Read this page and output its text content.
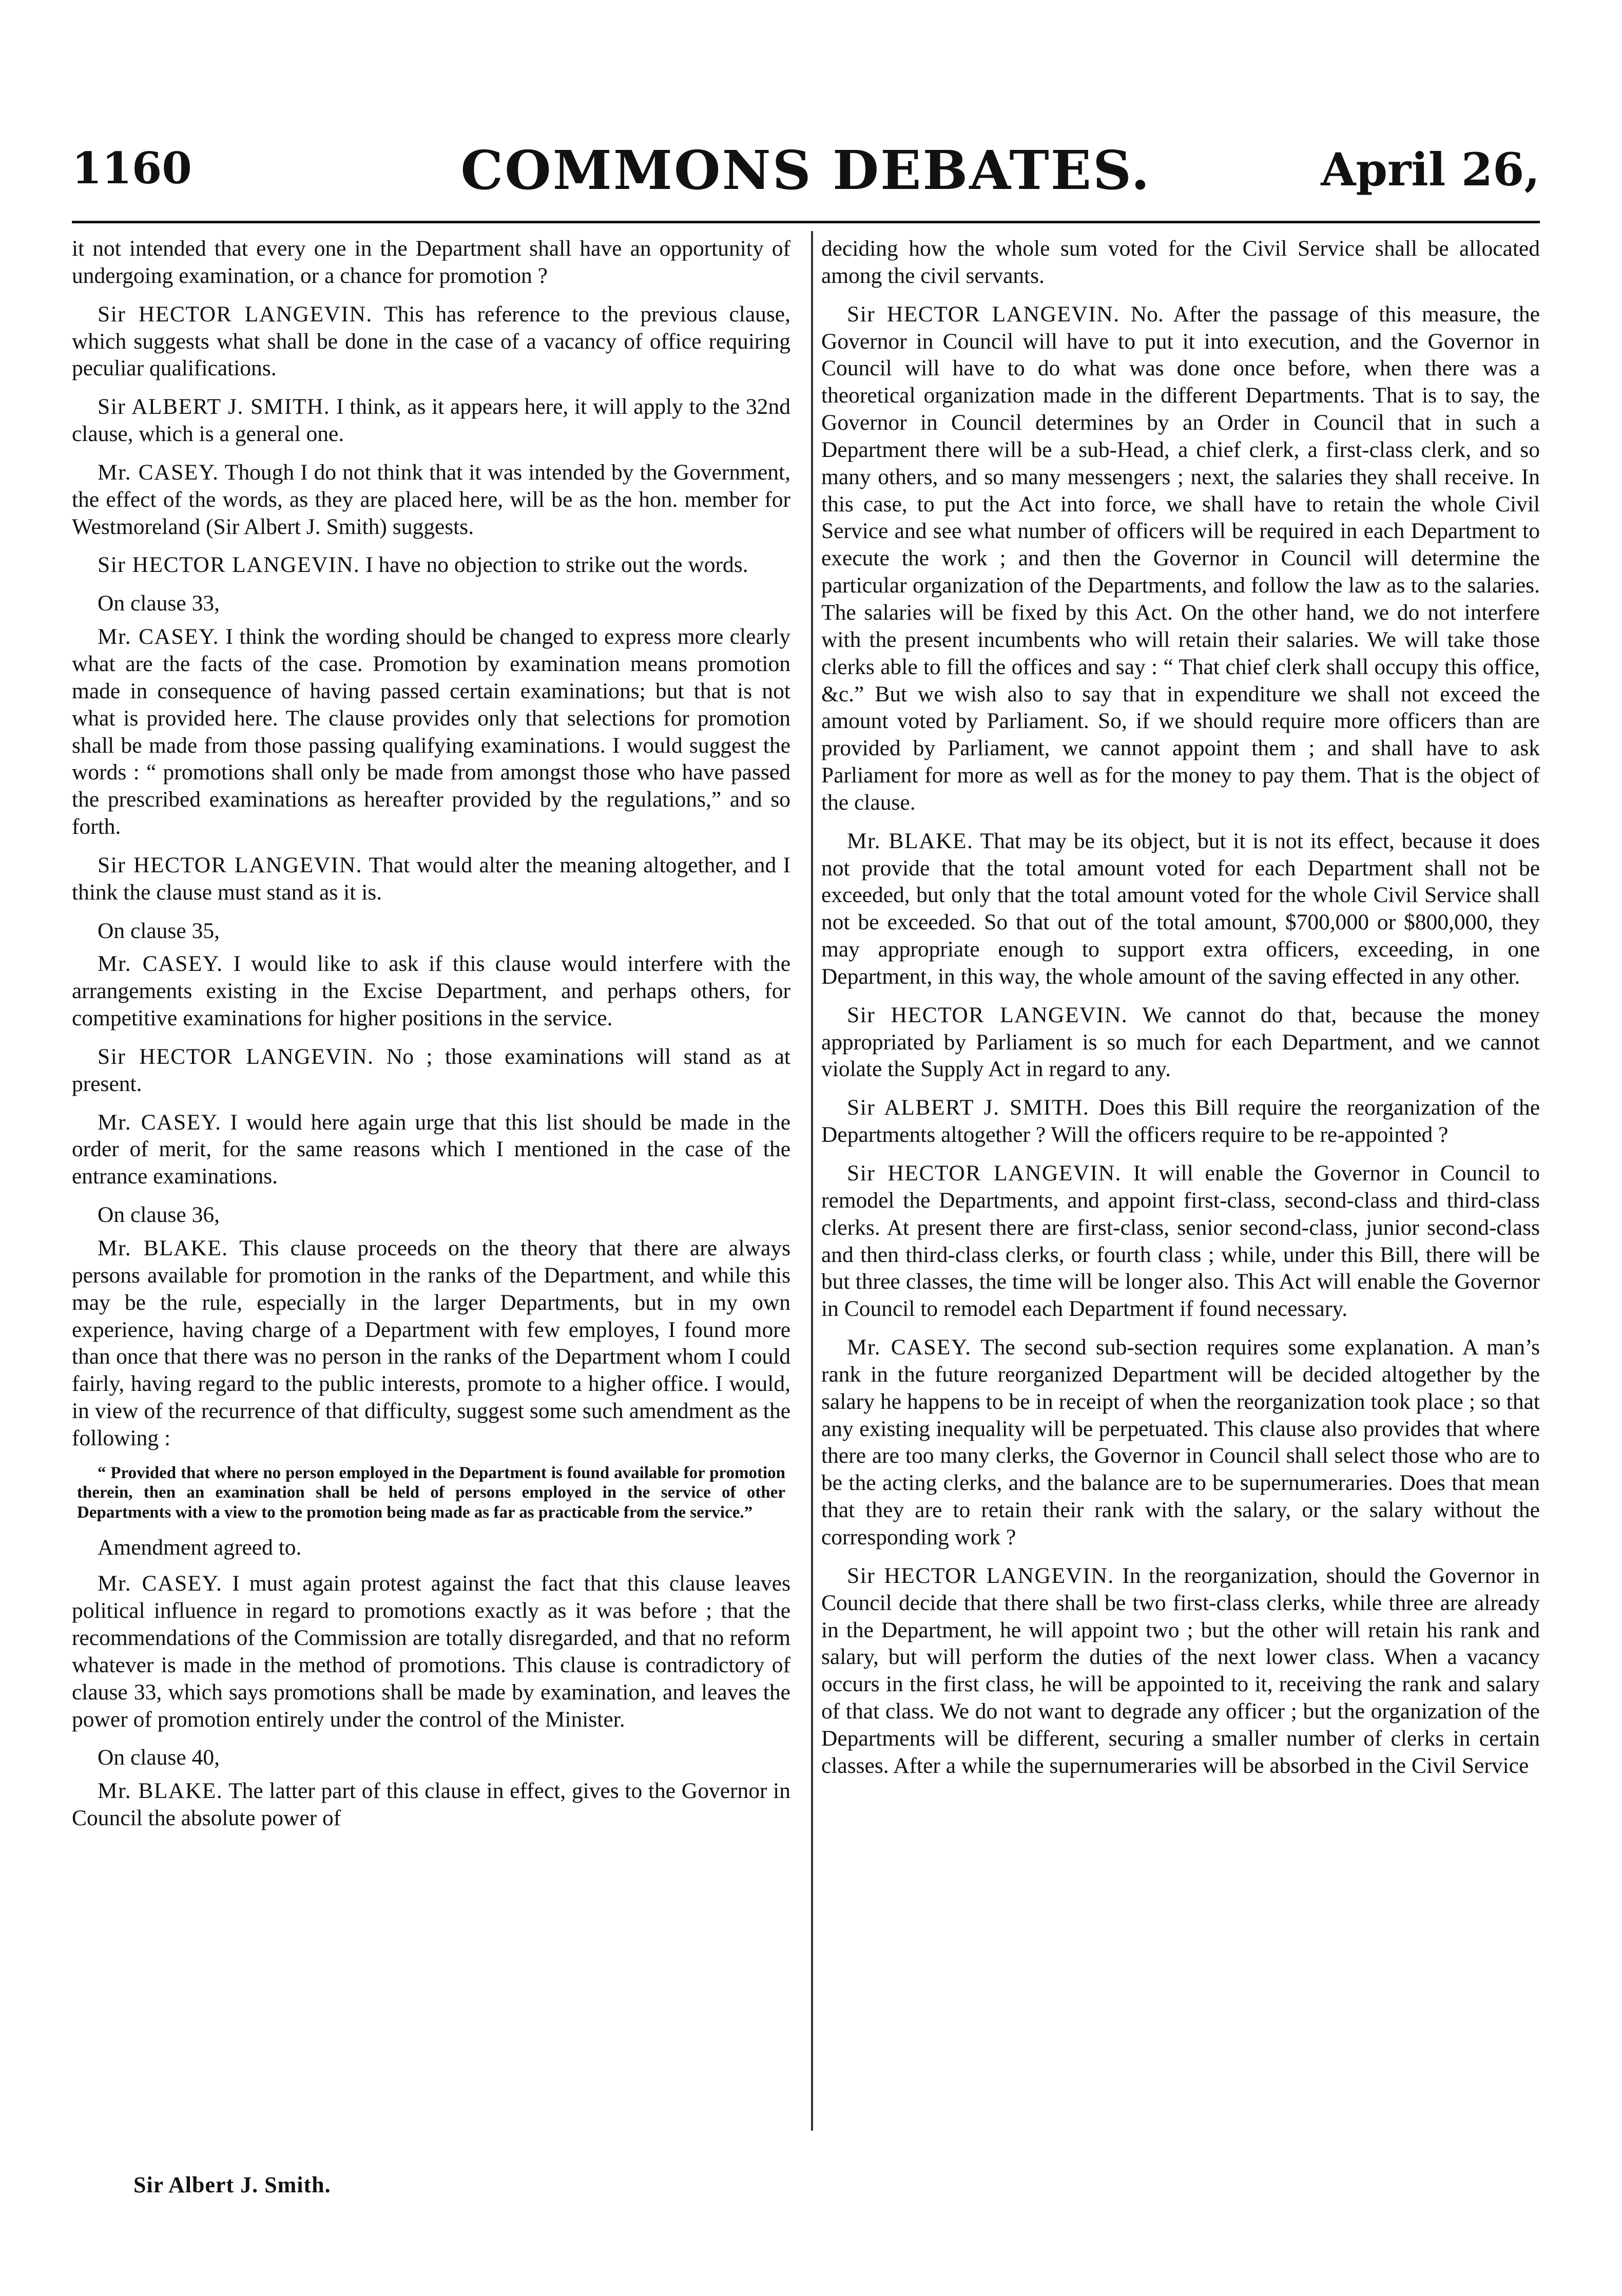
1160	COMMONS DEBATES.	April 26,

it not intended that every one in the Department shall have an opportunity of undergoing examination, or a chance for promotion ?

Sir HECTOR LANGEVIN. This has reference to the previous clause, which suggests what shall be done in the case of a vacancy of office requiring peculiar qualifications.

Sir ALBERT J. SMITH. I think, as it appears here, it will apply to the 32nd clause, which is a general one.

Mr. CASEY. Though I do not think that it was intended by the Government, the effect of the words, as they are placed here, will be as the hon. member for Westmoreland (Sir Albert J. Smith) suggests.

Sir HECTOR LANGEVIN. I have no objection to strike out the words.

On clause 33,

Mr. CASEY. I think the wording should be changed to express more clearly what are the facts of the case. Promotion by examination means promotion made in consequence of having passed certain examinations; but that is not what is provided here. The clause provides only that selections for promotion shall be made from those passing qualifying examinations. I would suggest the words : “ promotions shall only be made from amongst those who have passed the prescribed examinations as hereafter provided by the regulations,” and so forth.

Sir HECTOR LANGEVIN. That would alter the meaning altogether, and I think the clause must stand as it is.

On clause 35,

Mr. CASEY. I would like to ask if this clause would interfere with the arrangements existing in the Excise Department, and perhaps others, for competitive examinations for higher positions in the service.

Sir HECTOR LANGEVIN. No ; those examinations will stand as at present.

Mr. CASEY. I would here again urge that this list should be made in the order of merit, for the same reasons which I mentioned in the case of the entrance examinations.

On clause 36,

Mr. BLAKE. This clause proceeds on the theory that there are always persons available for promotion in the ranks of the Department, and while this may be the rule, especially in the larger Departments, but in my own experience, having charge of a Department with few employes, I found more than once that there was no person in the ranks of the Department whom I could fairly, having regard to the public interests, promote to a higher office. I would, in view of the recurrence of that difficulty, suggest some such amendment as the following :

“ Provided that where no person employed in the Department is found available for promotion therein, then an examination shall be held of persons employed in the service of other Departments with a view to the promotion being made as far as practicable from the service.”

Amendment agreed to.

Mr. CASEY. I must again protest against the fact that this clause leaves political influence in regard to promotions exactly as it was before ; that the recommendations of the Commission are totally disregarded, and that no reform whatever is made in the method of promotions. This clause is contradictory of clause 33, which says promotions shall be made by examination, and leaves the power of promotion entirely under the control of the Minister.

On clause 40,

Mr. BLAKE. The latter part of this clause in effect, gives to the Governor in Council the absolute power of

deciding how the whole sum voted for the Civil Service shall be allocated among the civil servants.

Sir HECTOR LANGEVIN. No. After the passage of this measure, the Governor in Council will have to put it into execution, and the Governor in Council will have to do what was done once before, when there was a theoretical organization made in the different Departments. That is to say, the Governor in Council determines by an Order in Council that in such a Department there will be a sub-Head, a chief clerk, a first-class clerk, and so many others, and so many messengers ; next, the salaries they shall receive. In this case, to put the Act into force, we shall have to retain the whole Civil Service and see what number of officers will be required in each Department to execute the work ; and then the Governor in Council will determine the particular organization of the Departments, and follow the law as to the salaries. The salaries will be fixed by this Act. On the other hand, we do not interfere with the present incumbents who will retain their salaries. We will take those clerks able to fill the offices and say : “ That chief clerk shall occupy this office, &c.” But we wish also to say that in expenditure we shall not exceed the amount voted by Parliament. So, if we should require more officers than are provided by Parliament, we cannot appoint them ; and shall have to ask Parliament for more as well as for the money to pay them. That is the object of the clause.

Mr. BLAKE. That may be its object, but it is not its effect, because it does not provide that the total amount voted for each Department shall not be exceeded, but only that the total amount voted for the whole Civil Service shall not be exceeded. So that out of the total amount, $700,000 or $800,000, they may appropriate enough to support extra officers, exceeding, in one Department, in this way, the whole amount of the saving effected in any other.

Sir HECTOR LANGEVIN. We cannot do that, because the money appropriated by Parliament is so much for each Department, and we cannot violate the Supply Act in regard to any.

Sir ALBERT J. SMITH. Does this Bill require the reorganization of the Departments altogether ? Will the officers require to be re-appointed ?

Sir HECTOR LANGEVIN. It will enable the Governor in Council to remodel the Departments, and appoint first-class, second-class and third-class clerks. At present there are first-class, senior second-class, junior second-class and then third-class clerks, or fourth class ; while, under this Bill, there will be but three classes, the time will be longer also. This Act will enable the Governor in Council to remodel each Department if found necessary.

Mr. CASEY. The second sub-section requires some explanation. A man’s rank in the future reorganized Department will be decided altogether by the salary he happens to be in receipt of when the reorganization took place ; so that any existing inequality will be perpetuated. This clause also provides that where there are too many clerks, the Governor in Council shall select those who are to be the acting clerks, and the balance are to be supernumeraries. Does that mean that they are to retain their rank with the salary, or the salary without the corresponding work ?

Sir HECTOR LANGEVIN. In the reorganization, should the Governor in Council decide that there shall be two first-class clerks, while three are already in the Department, he will appoint two ; but the other will retain his rank and salary, but will perform the duties of the next lower class. When a vacancy occurs in the first class, he will be appointed to it, receiving the rank and salary of that class. We do not want to degrade any officer ; but the organization of the Departments will be different, securing a smaller number of clerks in certain classes. After a while the supernumeraries will be absorbed in the Civil Service

Sir Albert J. Smith.
